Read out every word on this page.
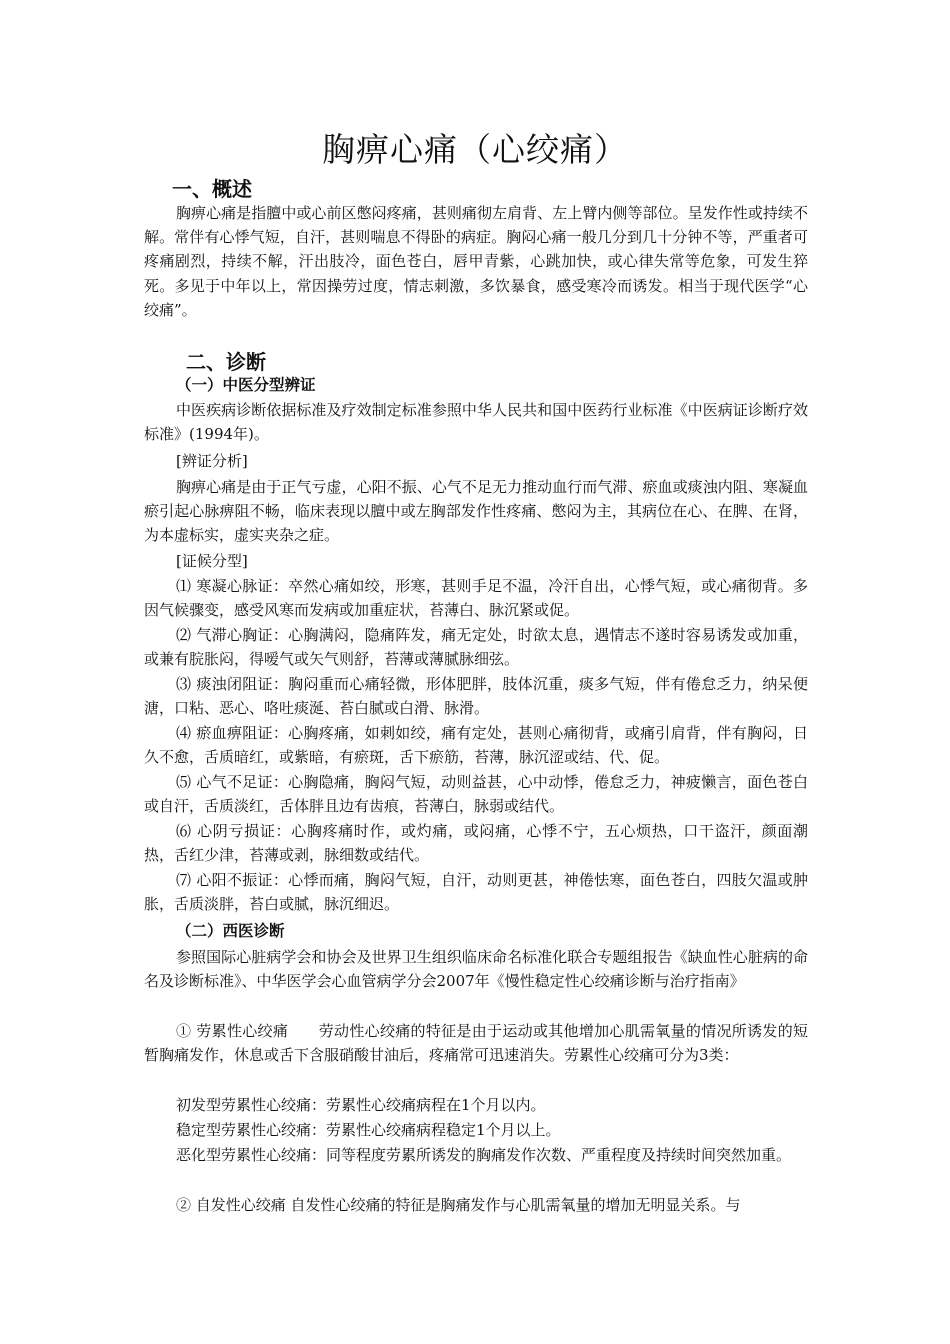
胸痹心痛（心绞痛）
一、概述

胸痹心痛是指膻中或心前区憋闷疼痛，甚则痛彻左肩背、左上臂内侧等部位。呈发作性或持续不解。常伴有心悸气短，自汗，甚则喘息不得卧的病症。胸闷心痛一般几分到几十分钟不等，严重者可疼痛剧烈，持续不解，汗出肢冷，面色苍白，唇甲青紫，心跳加快，或心律失常等危象，可发生猝死。多见于中年以上，常因操劳过度，情志刺激，多饮暴食，感受寒冷而诱发。相当于现代医学“心绞痛”。

二、诊断
（一）中医分型辨证

中医疾病诊断依据标准及疗效制定标准参照中华人民共和国中医药行业标准《中医病证诊断疗效标准》(1994年)。

[辨证分析]

胸痹心痛是由于正气亏虚，心阳不振、心气不足无力推动血行而气滞、瘀血或痰浊内阻、寒凝血瘀引起心脉痹阻不畅，临床表现以膻中或左胸部发作性疼痛、憋闷为主，其病位在心、在脾、在肾，为本虚标实，虚实夹杂之症。

[证候分型]

⑴ 寒凝心脉证：卒然心痛如绞，形寒，甚则手足不温，冷汗自出，心悸气短，或心痛彻背。多因气候骤变，感受风寒而发病或加重症状，苔薄白、脉沉紧或促。

⑵ 气滞心胸证：心胸满闷，隐痛阵发，痛无定处，时欲太息，遇情志不遂时容易诱发或加重，或兼有脘胀闷，得嗳气或矢气则舒，苔薄或薄腻脉细弦。

⑶ 痰浊闭阻证：胸闷重而心痛轻微，形体肥胖，肢体沉重，痰多气短，伴有倦怠乏力，纳呆便溏，口粘、恶心、咯吐痰涎、苔白腻或白滑、脉滑。

⑷ 瘀血痹阻证：心胸疼痛，如刺如绞，痛有定处，甚则心痛彻背，或痛引肩背，伴有胸闷，日久不愈，舌质暗红，或紫暗，有瘀斑，舌下瘀筋，苔薄，脉沉涩或结、代、促。

⑸ 心气不足证：心胸隐痛，胸闷气短，动则益甚，心中动悸，倦怠乏力，神疲懒言，面色苍白或自汗，舌质淡红，舌体胖且边有齿痕，苔薄白，脉弱或结代。

⑹ 心阴亏损证：心胸疼痛时作，或灼痛，或闷痛，心悸不宁，五心烦热，口干盗汗，颜面潮热，舌红少津，苔薄或剥，脉细数或结代。

⑺ 心阳不振证：心悸而痛，胸闷气短，自汗，动则更甚，神倦怯寒，面色苍白，四肢欠温或肿胀，舌质淡胖，苔白或腻，脉沉细迟。

（二）西医诊断

参照国际心脏病学会和协会及世界卫生组织临床命名标准化联合专题组报告《缺血性心脏病的命名及诊断标准》、中华医学会心血管病学分会2007年《慢性稳定性心绞痛诊断与治疗指南》

① 劳累性心绞痛　　劳动性心绞痛的特征是由于运动或其他增加心肌需氧量的情况所诱发的短暂胸痛发作，休息或舌下含服硝酸甘油后，疼痛常可迅速消失。劳累性心绞痛可分为3类：

初发型劳累性心绞痛：劳累性心绞痛病程在1个月以内。

稳定型劳累性心绞痛：劳累性心绞痛病程稳定1个月以上。

恶化型劳累性心绞痛：同等程度劳累所诱发的胸痛发作次数、严重程度及持续时间突然加重。

② 自发性心绞痛 自发性心绞痛的特征是胸痛发作与心肌需氧量的增加无明显关系。与
